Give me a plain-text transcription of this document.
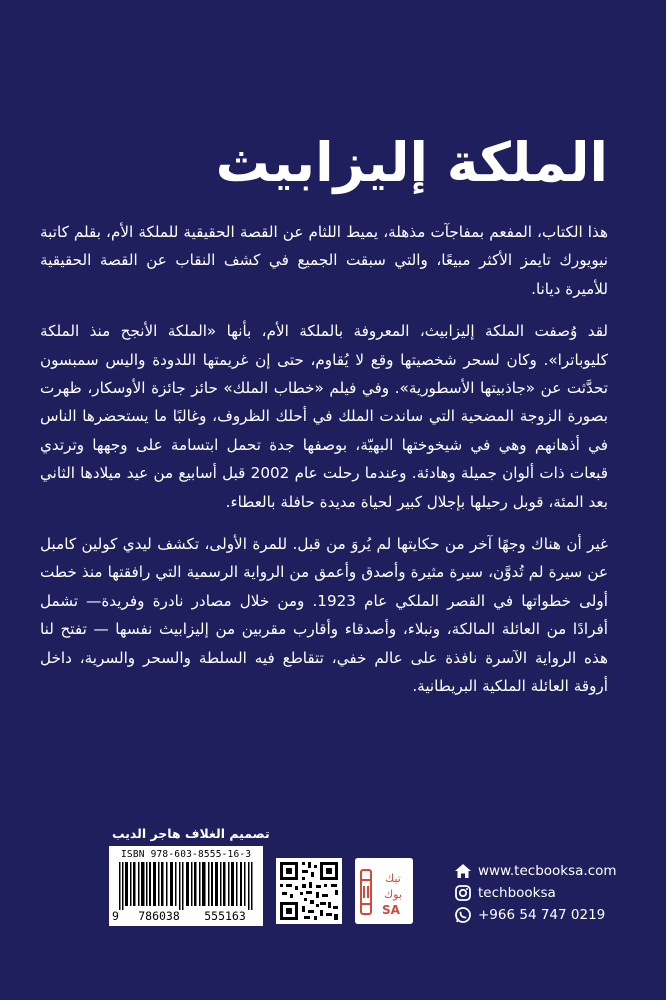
الملكة إليزابيث

هذا الكتاب، المفعم بمفاجآت مذهلة، يميط اللثام عن القصة الحقيقية للملكة الأم، بقلم كاتبة نيويورك تايمز الأكثر مبيعًا، والتي سبقت الجميع في كشف النقاب عن القصة الحقيقية للأميرة ديانا.

لقد وُصفت الملكة إليزابيث، المعروفة بالملكة الأم، بأنها «الملكة الأنجح منذ الملكة كليوباترا». وكان لسحر شخصيتها وقع لا يُقاوم، حتى إن غريمتها اللدودة واليس سمبسون تحدَّثت عن «جاذبيتها الأسطورية». وفي فيلم «خطاب الملك» حائز جائزة الأوسكار، ظهرت بصورة الزوجة المضحية التي ساندت الملك في أحلك الظروف، وغالبًا ما يستحضرها الناس في أذهانهم وهي في شيخوختها البهيّة، بوصفها جدة تحمل ابتسامة على وجهها وترتدي قبعات ذات ألوان جميلة وهادئة. وعندما رحلت عام 2002 قبل أسابيع من عيد ميلادها الثاني بعد المئة، قوبل رحيلها بإجلال كبير لحياة مديدة حافلة بالعطاء.

غير أن هناك وجهًا آخر من حكايتها لم يُروَ من قبل. للمرة الأولى، تكشف ليدي كولين كامبل عن سيرة لم تُدوَّن، سيرة مثيرة وأصدق وأعمق من الرواية الرسمية التي رافقتها منذ خطت أولى خطواتها في القصر الملكي عام 1923. ومن خلال مصادر نادرة وفريدة— تشمل أفرادًا من العائلة المالكة، ونبلاء، وأصدقاء وأقارب مقربين من إليزابيث نفسها — تفتح لنا هذه الرواية الآسرة نافذة على عالم خفي، تتقاطع فيه السلطة والسحر والسرية، داخل أروقة العائلة الملكية البريطانية.

تصميم الغلاف هاجر الديب
ISBN 978-603-8555-16-3
9	786038	555163
تيك
بوك
SA
www.tecbooksa.com
techbooksa
+966 54 747 0219
